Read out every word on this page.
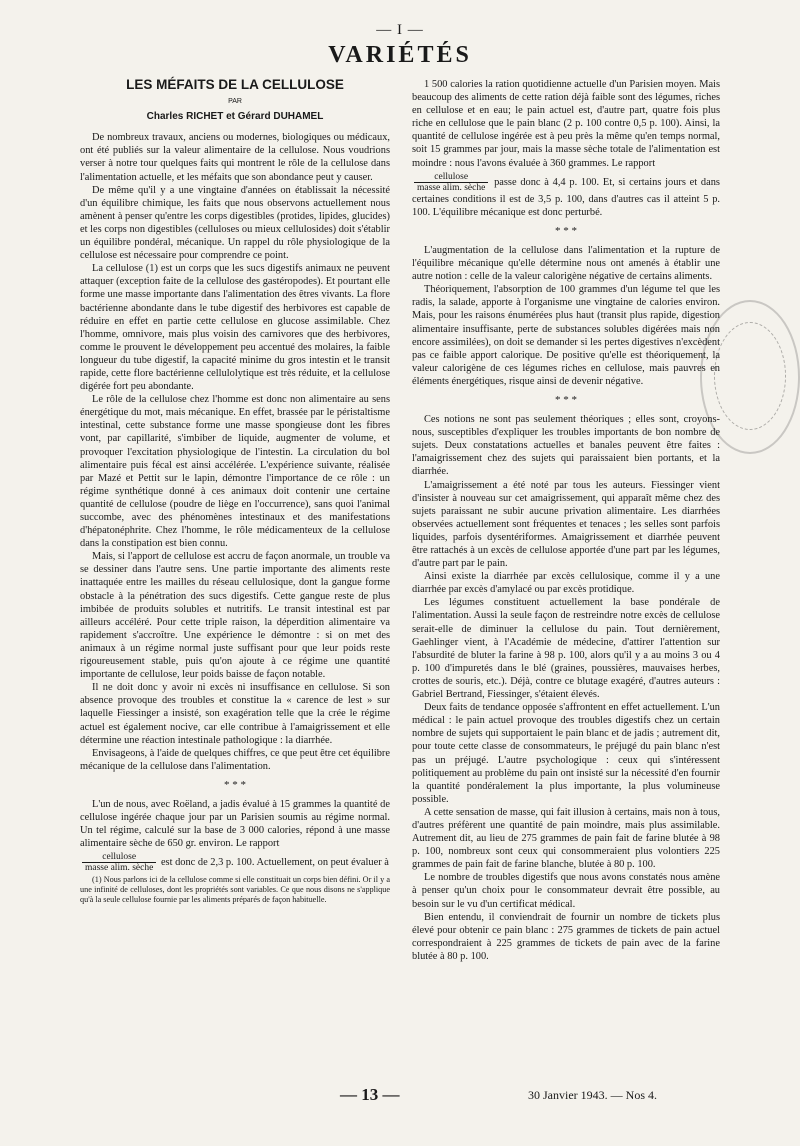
— I —
VARIÉTÉS
LES MÉFAITS DE LA CELLULOSE
PAR
Charles RICHET et Gérard DUHAMEL

De nombreux travaux, anciens ou modernes, biologiques ou médicaux, ont été publiés sur la valeur alimentaire de la cellulose. Nous voudrions verser à notre tour quelques faits qui montrent le rôle de la cellulose dans l'alimentation actuelle, et les méfaits que son abondance peut y causer.

De même qu'il y a une vingtaine d'années on établissait la nécessité d'un équilibre chimique, les faits que nous observons actuellement nous amènent à penser qu'entre les corps digestibles (protides, lipides, glucides) et les corps non digestibles (celluloses ou mieux cellulosides) doit s'établir un équilibre pondéral, mécanique. Un rappel du rôle physiologique de la cellulose est nécessaire pour comprendre ce point.

La cellulose (1) est un corps que les sucs digestifs animaux ne peuvent attaquer (exception faite de la cellulose des gastéropodes). Et pourtant elle forme une masse importante dans l'alimentation des êtres vivants. La flore bactérienne abondante dans le tube digestif des herbivores est capable de réduire en effet en partie cette cellulose en glucose assimilable. Chez l'homme, omnivore, mais plus voisin des carnivores que des herbivores, comme le prouvent le développement peu accentué des molaires, la faible longueur du tube digestif, la capacité minime du gros intestin et le transit rapide, cette flore bactérienne cellulolytique est très réduite, et la cellulose digérée fort peu abondante.

Le rôle de la cellulose chez l'homme est donc non alimentaire au sens énergétique du mot, mais mécanique. En effet, brassée par le péristaltisme intestinal, cette substance forme une masse spongieuse dont les fibres vont, par capillarité, s'imbiber de liquide, augmenter de volume, et provoquer l'excitation physiologique de l'intestin. La circulation du bol alimentaire puis fécal est ainsi accélérée. L'expérience suivante, réalisée par Mazé et Pettit sur le lapin, démontre l'importance de ce rôle : un régime synthétique donné à ces animaux doit contenir une certaine quantité de cellulose (poudre de liège en l'occurrence), sans quoi l'animal succombe, avec des phénomènes intestinaux et des manifestations d'hépatonéphrite. Chez l'homme, le rôle médicamenteux de la cellulose dans la constipation est bien connu.

Mais, si l'apport de cellulose est accru de façon anormale, un trouble va se dessiner dans l'autre sens. Une partie importante des aliments reste inattaquée entre les mailles du réseau cellulosique, dont la gangue forme obstacle à la pénétration des sucs digestifs. Cette gangue reste de plus imbibée de produits solubles et nutritifs. Le transit intestinal est par ailleurs accéléré. Pour cette triple raison, la déperdition alimentaire va rapidement s'accroître. Une expérience le démontre : si on met des animaux à un régime normal juste suffisant pour que leur poids reste rigoureusement stable, puis qu'on ajoute à ce régime une quantité importante de cellulose, leur poids baisse de façon notable.

Il ne doit donc y avoir ni excès ni insuffisance en cellulose. Si son absence provoque des troubles et constitue la « carence de lest » sur laquelle Fiessinger a insisté, son exagération telle que la crée le régime actuel est également nocive, car elle contribue à l'amaigrissement et elle détermine une réaction intestinale pathologique : la diarrhée.

Envisageons, à l'aide de quelques chiffres, ce que peut être cet équilibre mécanique de la cellulose dans l'alimentation.

* * *

L'un de nous, avec Roëland, a jadis évalué à 15 grammes la quantité de cellulose ingérée chaque jour par un Parisien soumis au régime normal. Un tel régime, calculé sur la base de 3 000 calories, répond à une masse alimentaire sèche de 650 gr. environ. Le rapport

$\frac{\text{cellulose}}{\text{masse alim. sèche}}$ est donc de 2,3 p. 100. Actuellement, on peut évaluer à

(1) Nous parlons ici de la cellulose comme si elle constituait un corps bien défini. Or il y a une infinité de celluloses, dont les propriétés sont variables. Ce que nous disons ne s'applique qu'à la seule cellulose fournie par les aliments préparés de façon habituelle.

1 500 calories la ration quotidienne actuelle d'un Parisien moyen. Mais beaucoup des aliments de cette ration déjà faible sont des légumes, riches en cellulose et en eau; le pain actuel est, d'autre part, quatre fois plus riche en cellulose que le pain blanc (2 p. 100 contre 0,5 p. 100). Ainsi, la quantité de cellulose ingérée est à peu près la même qu'en temps normal, soit 15 grammes par jour, mais la masse sèche totale de l'alimentation est moindre : nous l'avons évaluée à 360 grammes. Le rapport

$\frac{\text{cellulose}}{\text{masse alim. sèche}}$ passe donc à 4,4 p. 100. Et, si certains jours et dans certaines conditions il est de 3,5 p. 100, dans d'autres cas il atteint 5 p. 100. L'équilibre mécanique est donc perturbé.

* * *

L'augmentation de la cellulose dans l'alimentation et la rupture de l'équilibre mécanique qu'elle détermine nous ont amenés à établir une autre notion : celle de la valeur calorigène négative de certains aliments.

Théoriquement, l'absorption de 100 grammes d'un légume tel que les radis, la salade, apporte à l'organisme une vingtaine de calories environ. Mais, pour les raisons énumérées plus haut (transit plus rapide, digestion alimentaire insuffisante, perte de substances solubles digérées mais non encore assimilées), on doit se demander si les pertes digestives n'excèdent pas ce faible apport calorique. De positive qu'elle est théoriquement, la valeur calorigène de ces légumes riches en cellulose, mais pauvres en éléments énergétiques, risque ainsi de devenir négative.

* * *

Ces notions ne sont pas seulement théoriques ; elles sont, croyons-nous, susceptibles d'expliquer les troubles importants de bon nombre de sujets. Deux constatations actuelles et banales peuvent être faites : l'amaigrissement chez des sujets qui paraissaient bien portants, et la diarrhée.

L'amaigrissement a été noté par tous les auteurs. Fiessinger vient d'insister à nouveau sur cet amaigrissement, qui apparaît même chez des sujets paraissant ne subir aucune privation alimentaire. Les diarrhées observées actuellement sont fréquentes et tenaces ; les selles sont parfois liquides, parfois dysentériformes. Amaigrissement et diarrhée peuvent être rattachés à un excès de cellulose apportée d'une part par les légumes, d'autre part par le pain.

Ainsi existe la diarrhée par excès cellulosique, comme il y a une diarrhée par excès d'amylacé ou par excès protidique.

Les légumes constituent actuellement la base pondérale de l'alimentation. Aussi la seule façon de restreindre notre excès de cellulose serait-elle de diminuer la cellulose du pain. Tout dernièrement, Gaehlinger vient, à l'Académie de médecine, d'attirer l'attention sur l'absurdité de bluter la farine à 98 p. 100, alors qu'il y a au moins 3 ou 4 p. 100 d'impuretés dans le blé (graines, poussières, mauvaises herbes, crottes de souris, etc.). Déjà, contre ce blutage exagéré, d'autres auteurs : Gabriel Bertrand, Fiessinger, s'étaient élevés.

Deux faits de tendance opposée s'affrontent en effet actuellement. L'un médical : le pain actuel provoque des troubles digestifs chez un certain nombre de sujets qui supportaient le pain blanc et de jadis ; autrement dit, pour toute cette classe de consommateurs, le préjugé du pain blanc n'est pas un préjugé. L'autre psychologique : ceux qui s'intéressent politiquement au problème du pain ont insisté sur la nécessité d'en fournir la quantité pondéralement la plus importante, la plus volumineuse possible.

A cette sensation de masse, qui fait illusion à certains, mais non à tous, d'autres préfèrent une quantité de pain moindre, mais plus assimilable. Autrement dit, au lieu de 275 grammes de pain fait de farine blutée à 98 p. 100, nombreux sont ceux qui consommeraient plus volontiers 225 grammes de pain fait de farine blanche, blutée à 80 p. 100.

Le nombre de troubles digestifs que nous avons constatés nous amène à penser qu'un choix pour le consommateur devrait être possible, au besoin sur le vu d'un certificat médical.

Bien entendu, il conviendrait de fournir un nombre de tickets plus élevé pour obtenir ce pain blanc : 275 grammes de tickets de pain actuel correspondraient à 225 grammes de tickets de pain avec de la farine blutée à 80 p. 100.

— 13 —	30 Janvier 1943. — Nos 4.
